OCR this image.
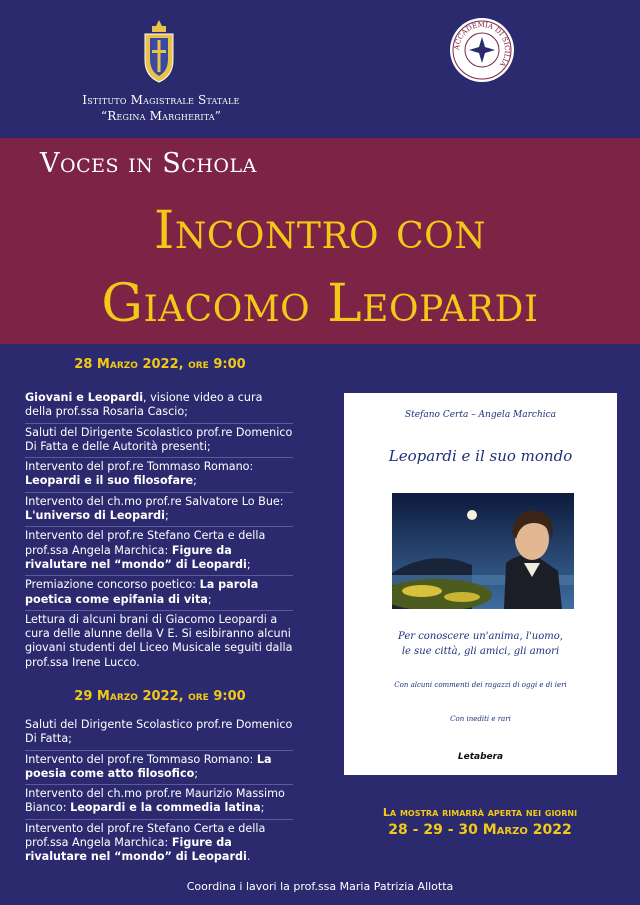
Istituto Magistrale Statale
“Regina Margherita”
ACCADEMIA DI SICILIA
Voces in Schola
Incontro con
Giacomo Leopardi
28 Marzo 2022, ore 9:00
Giovani e Leopardi, visione video a cura della prof.ssa Rosaria Cascio;
Saluti del Dirigente Scolastico prof.re Domenico Di Fatta e delle Autorità presenti;
Intervento del prof.re Tommaso Romano: Leopardi e il suo filosofare;
Intervento del ch.mo prof.re Salvatore Lo Bue: L'universo di Leopardi;
Intervento del prof.re Stefano Certa e della prof.ssa Angela Marchica: Figure da rivalutare nel “mondo” di Leopardi;
Premiazione concorso poetico: La parola poetica come epifania di vita;
Lettura di alcuni brani di Giacomo Leopardi a cura delle alunne della V E. Si esibiranno alcuni giovani studenti del Liceo Musicale seguiti dalla prof.ssa Irene Lucco.
29 Marzo 2022, ore 9:00
Saluti del Dirigente Scolastico prof.re Domenico Di Fatta;
Intervento del prof.re Tommaso Romano: La poesia come atto filosofico;
Intervento del ch.mo prof.re Maurizio Massimo Bianco: Leopardi e la commedia latina;
Intervento del prof.re Stefano Certa e della prof.ssa Angela Marchica: Figure da rivalutare nel “mondo” di Leopardi.
Stefano Certa – Angela Marchica
Leopardi e il suo mondo
Per conoscere un'anima, l'uomo,
le sue città, gli amici, gli amori
Con alcuni commenti dei ragazzi di oggi e di ieri
Con inediti e rari
Letabera
La mostra rimarrà aperta nei giorni
28 - 29 - 30 Marzo 2022
Coordina i lavori la prof.ssa Maria Patrizia Allotta
